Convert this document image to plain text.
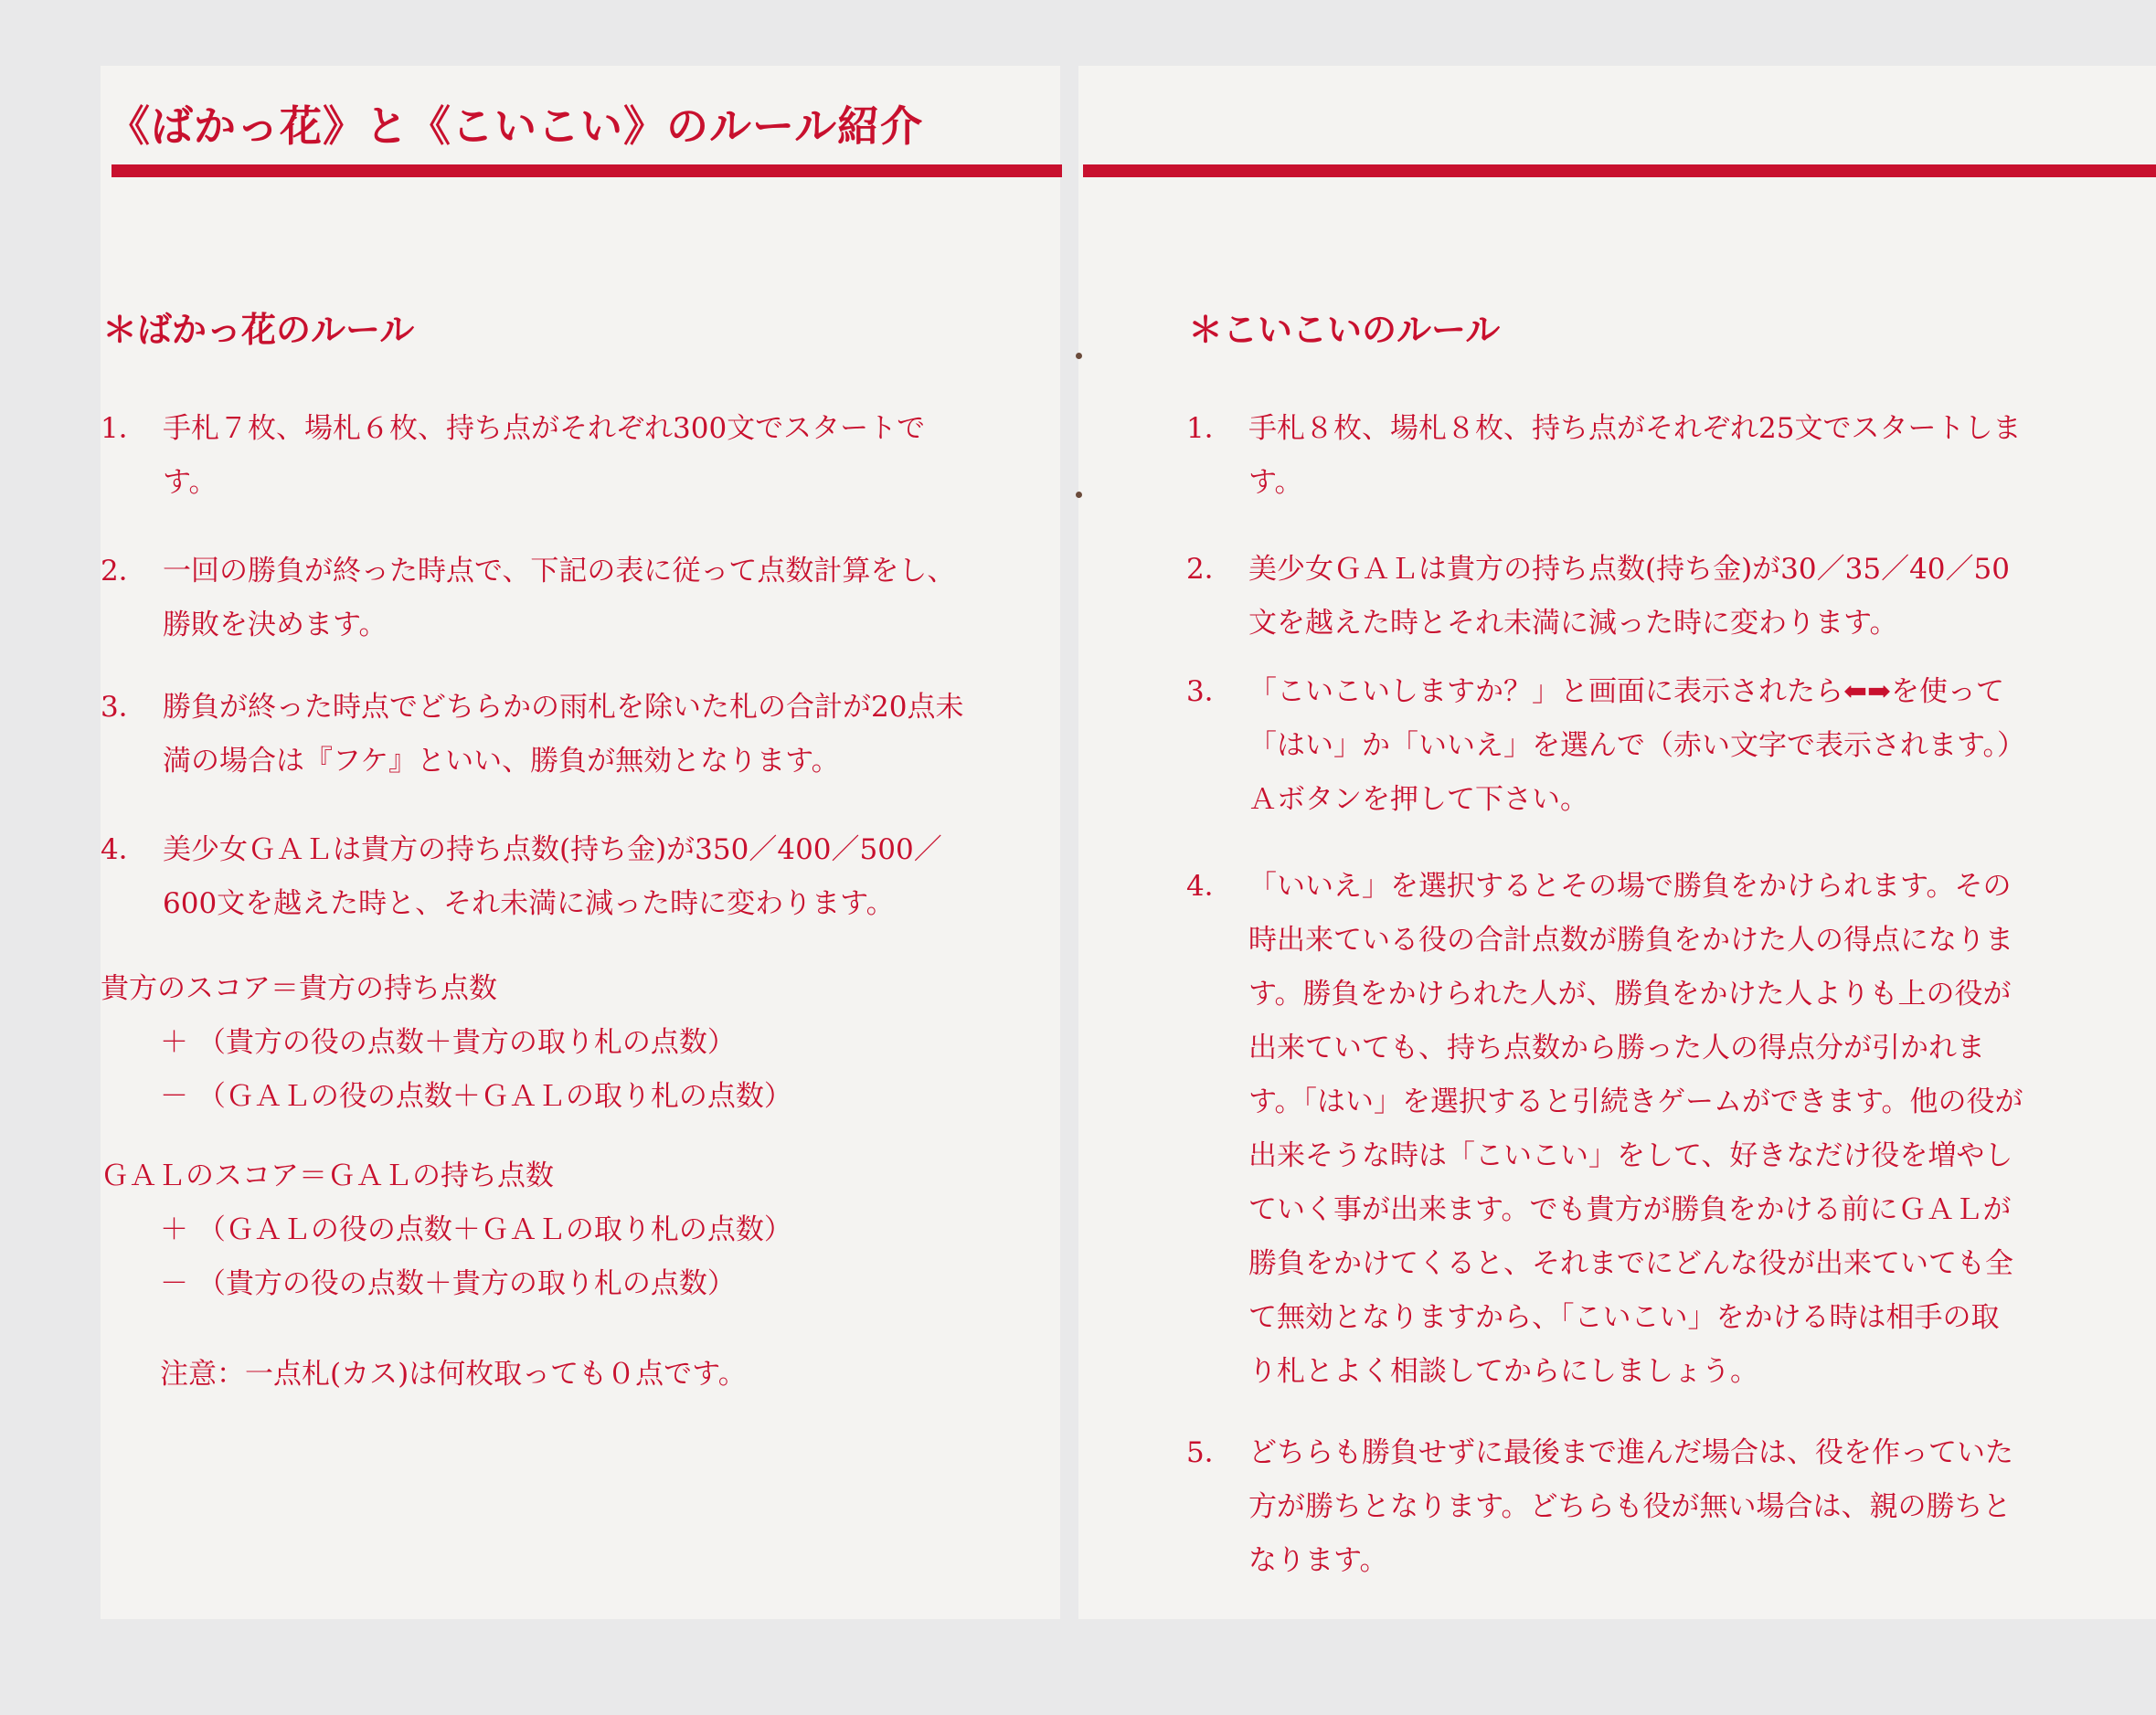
《ばかっ花》と《こいこい》のルール紹介
＊ばかっ花のルール	＊こいこいのルール
1． 手札７枚、場札６枚、持ち点がそれぞれ300文でスタートです。
2． 一回の勝負が終った時点で、下記の表に従って点数計算をし、勝敗を決めます。
3． 勝負が終った時点でどちらかの雨札を除いた札の合計が20点未満の場合は『フケ』といい、勝負が無効となります。
4． 美少女ＧＡＬは貴方の持ち点数(持ち金)が350／400／500／600文を越えた時と、それ未満に減った時に変わります。
貴方のスコア＝貴方の持ち点数
＋ （貴方の役の点数＋貴方の取り札の点数）
－ （ＧＡＬの役の点数＋ＧＡＬの取り札の点数）
ＧＡＬのスコア＝ＧＡＬの持ち点数
＋ （ＧＡＬの役の点数＋ＧＡＬの取り札の点数）
－ （貴方の役の点数＋貴方の取り札の点数）
注意：一点札(カス)は何枚取っても０点です。
1． 手札８枚、場札８枚、持ち点がそれぞれ25文でスタートします。
2． 美少女ＧＡＬは貴方の持ち点数(持ち金)が30／35／40／50文を越えた時とそれ未満に減った時に変わります。
3． 「こいこいしますか？」と画面に表示されたら⬅➡を使って「はい」か「いいえ」を選んで（赤い文字で表示されます。）Ａボタンを押して下さい。
4． 「いいえ」を選択するとその場で勝負をかけられます。その時出来ている役の合計点数が勝負をかけた人の得点になります。勝負をかけられた人が、勝負をかけた人よりも上の役が出来ていても、持ち点数から勝った人の得点分が引かれます。「はい」を選択すると引続きゲームができます。他の役が出来そうな時は「こいこい」をして、好きなだけ役を増やしていく事が出来ます。でも貴方が勝負をかける前にＧＡＬが勝負をかけてくると、それまでにどんな役が出来ていても全て無効となりますから、「こいこい」をかける時は相手の取り札とよく相談してからにしましょう。
5． どちらも勝負せずに最後まで進んだ場合は、役を作っていた方が勝ちとなります。どちらも役が無い場合は、親の勝ちとなります。
